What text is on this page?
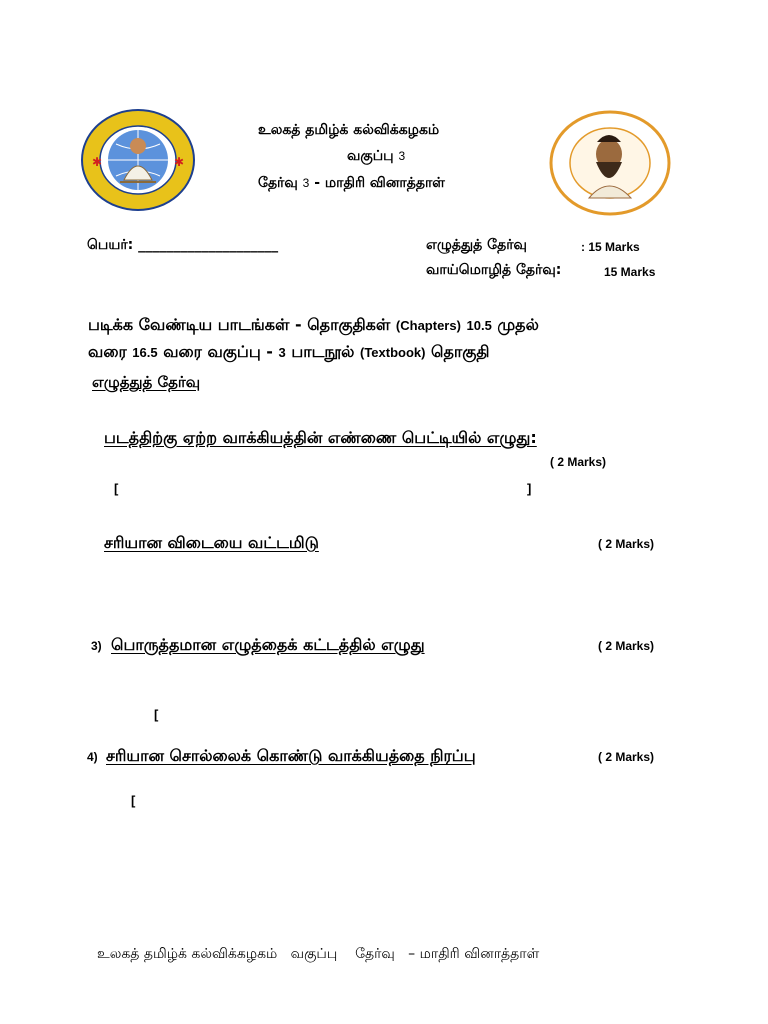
✱	✱
உலகத் தமிழ்க் கல்விக்கழகம்
வகுப்பு 3
தேர்வு 3 - மாதிரி வினாத்தாள்
பெயர்: ____________________	எழுத்துத் தேர்வு	: 15 Marks
வாய்மொழித் தேர்வு:	15 Marks
படிக்க வேண்டிய பாடங்கள் - தொகுதிகள் (Chapters) 10.5 முதல்
வரை 16.5 வரை வகுப்பு - 3 பாடநூல் (Textbook) தொகுதி
எழுத்துத் தேர்வு
படத்திற்கு ஏற்ற வாக்கியத்தின் எண்ணை பெட்டியில் எழுது:
( 2 Marks)
[	]
சரியான விடையை வட்டமிடு	( 2 Marks)
3) பொருத்தமான எழுத்தைக் கட்டத்தில் எழுது	( 2 Marks)
[
4) சரியான சொல்லைக் கொண்டு வாக்கியத்தை நிரப்பு	( 2 Marks)
[
உலகத் தமிழ்க் கல்விக்கழகம்   வகுப்பு    தேர்வு   – மாதிரி வினாத்தாள்
